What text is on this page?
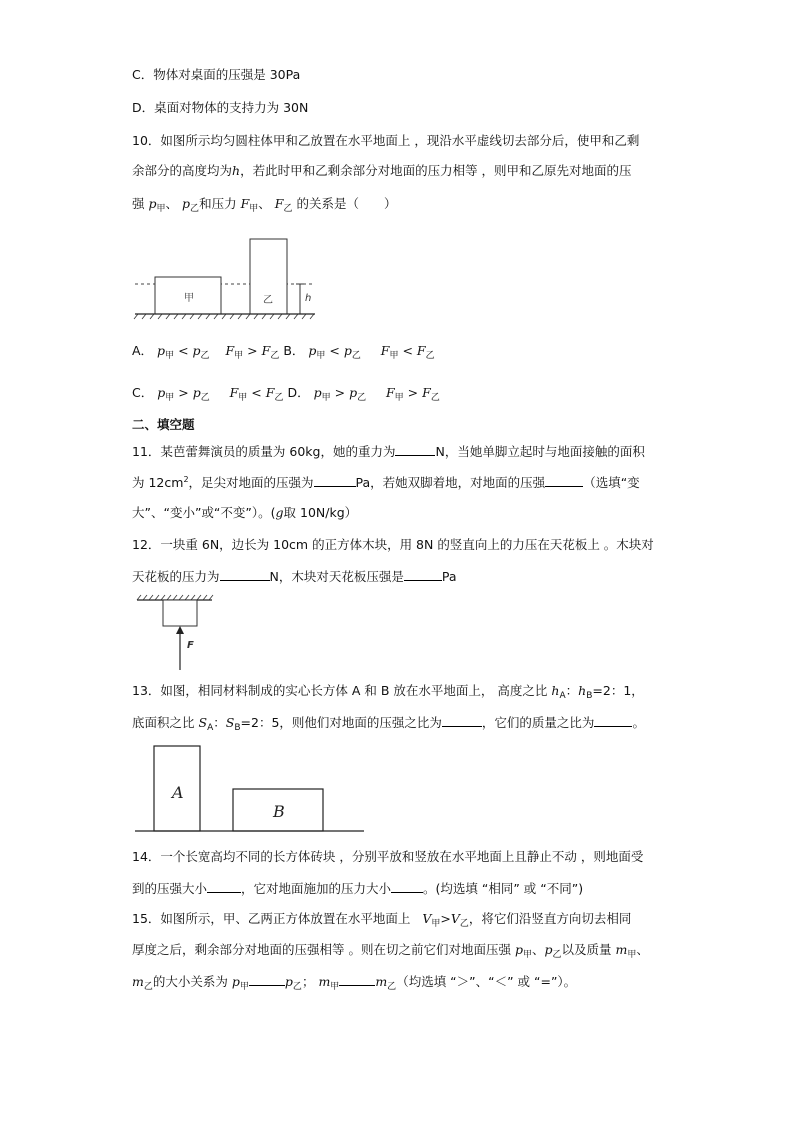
C．物体对桌面的压强是 30Pa
D．桌面对物体的支持力为 30N
10．如图所示均匀圆柱体甲和乙放置在水平地面上 ，现沿水平虚线切去部分后，使甲和乙剩
余部分的高度均为h，若此时甲和乙剩余部分对地面的压力相等 ，则甲和乙原先对地面的压
强 $p_甲$、 $p_乙$和压力 $F_甲$、 $F_乙$ 的关系是（　　）
甲	乙	h
A． $p_甲 < p_乙$ $F_甲 > F_乙$ B． $p_甲 < p_乙$ $F_甲 < F_乙$
C． $p_甲 > p_乙$ $F_甲 < F_乙$ D． $p_甲 > p_乙$ $F_甲 > F_乙$
二、填空题
11．某芭蕾舞演员的质量为 60kg，她的重力为	N，当她单脚立起时与地面接触的面积
为 $12cm^2$，足尖对地面的压强为	Pa，若她双脚着地，对地面的压强	（选填“变
大”、“变小”或“不变”）。(g取 10N/kg）
12．一块重 6N，边长为 10cm 的正方体木块，用 8N 的竖直向上的力压在天花板上 。木块对
天花板的压力为	N，木块对天花板压强是	Pa
F
13．如图，相同材料制成的实心长方体 A 和 B 放在水平地面上， 高度之比 $h_A$：$h_B=2$：1，
底面积之比 $S_A$：$S_B=2$：5，则他们对地面的压强之比为	，它们的质量之比为	。
A
B
14．一个长宽高均不同的长方体砖块 ，分别平放和竖放在水平地面上且静止不动 ，则地面受
到的压强大小	，它对地面施加的压力大小	。(均选填 “相同” 或 “不同”)
15．如图所示，甲、乙两正方体放置在水平地面上 $V_甲>V_乙$，将它们沿竖直方向切去相同
厚度之后，剩余部分对地面的压强相等 。则在切之前它们对地面压强 $p_甲$、$p_乙$以及质量 $m_甲$、
$m_乙$的大小关系为 $p_甲$	$p_乙$； $m_甲$	$m_乙$（均选填 “＞”、“＜” 或 “=”）。
